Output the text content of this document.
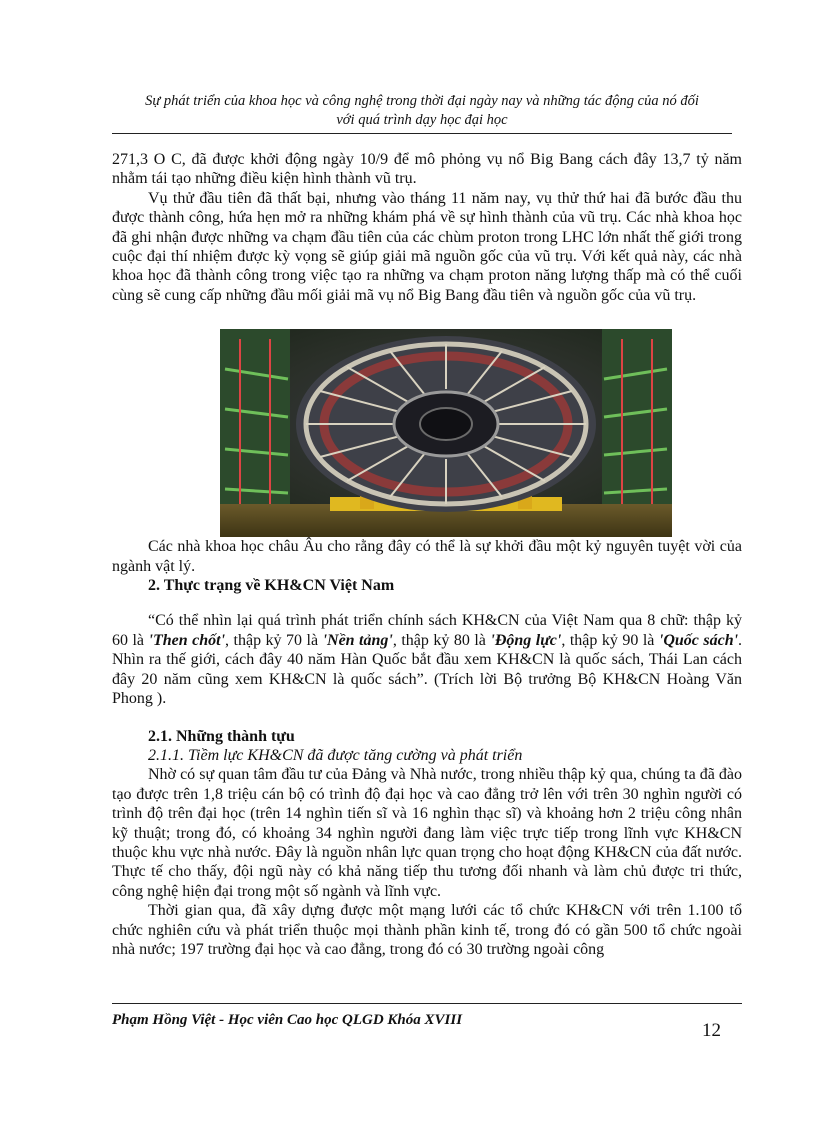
Sự phát triển của khoa học và công nghệ trong thời đại ngày nay và những tác động của nó đối
với quá trình dạy học đại học

271,3 O C, đã được khởi động ngày 10/9 để mô phỏng vụ nổ Big Bang cách đây 13,7 tỷ năm nhằm tái tạo những điều kiện hình thành vũ trụ.

Vụ thử đầu tiên đã thất bại, nhưng vào tháng 11 năm nay, vụ thử thứ hai đã bước đầu thu được thành công, hứa hẹn mở ra những khám phá về sự hình thành của vũ trụ. Các nhà khoa học đã ghi nhận được những va chạm đầu tiên của các chùm proton trong LHC lớn nhất thế giới trong cuộc đại thí nhiệm được kỳ vọng sẽ giúp giải mã nguồn gốc của vũ trụ. Với kết quả này, các nhà khoa học đã thành công trong việc tạo ra những va chạm proton năng lượng thấp mà có thể cuối cùng sẽ cung cấp những đầu mối giải mã vụ nổ Big Bang đầu tiên và nguồn gốc của vũ trụ.

Các nhà khoa học châu Âu cho rằng đây có thể là sự khởi đầu một kỷ nguyên tuyệt vời của ngành vật lý.

2. Thực trạng về KH&CN Việt Nam

“Có thể nhìn lại quá trình phát triển chính sách KH&CN của Việt Nam qua 8 chữ: thập kỷ 60 là 'Then chốt', thập kỷ 70 là 'Nền tảng', thập kỷ 80 là 'Động lực', thập kỷ 90 là 'Quốc sách'. Nhìn ra thế giới, cách đây 40 năm Hàn Quốc bắt đầu xem KH&CN là quốc sách, Thái Lan cách đây 20 năm cũng xem KH&CN là quốc sách”. (Trích lời Bộ trưởng Bộ KH&CN Hoàng Văn Phong ).

2.1. Những thành tựu

2.1.1. Tiềm lực KH&CN đã được tăng cường và phát triển

Nhờ có sự quan tâm đầu tư của Đảng và Nhà nước, trong nhiều thập kỷ qua, chúng ta đã đào tạo được trên 1,8 triệu cán bộ có trình độ đại học và cao đẳng trở lên với trên 30 nghìn người có trình độ trên đại học (trên 14 nghìn tiến sĩ và 16 nghìn thạc sĩ) và khoảng hơn 2 triệu công nhân kỹ thuật; trong đó, có khoảng 34 nghìn người đang làm việc trực tiếp trong lĩnh vực KH&CN thuộc khu vực nhà nước. Đây là nguồn nhân lực quan trọng cho hoạt động KH&CN của đất nước. Thực tế cho thấy, đội ngũ này có khả năng tiếp thu tương đối nhanh và làm chủ được tri thức, công nghệ hiện đại trong một số ngành và lĩnh vực.

Thời gian qua, đã xây dựng được một mạng lưới các tổ chức KH&CN với trên 1.100 tổ chức nghiên cứu và phát triển thuộc mọi thành phần kinh tế, trong đó có gần 500 tổ chức ngoài nhà nước; 197 trường đại học và cao đẳng, trong đó có 30 trường ngoài công

Phạm Hồng Việt - Học viên Cao học QLGD Khóa XVIII	12
